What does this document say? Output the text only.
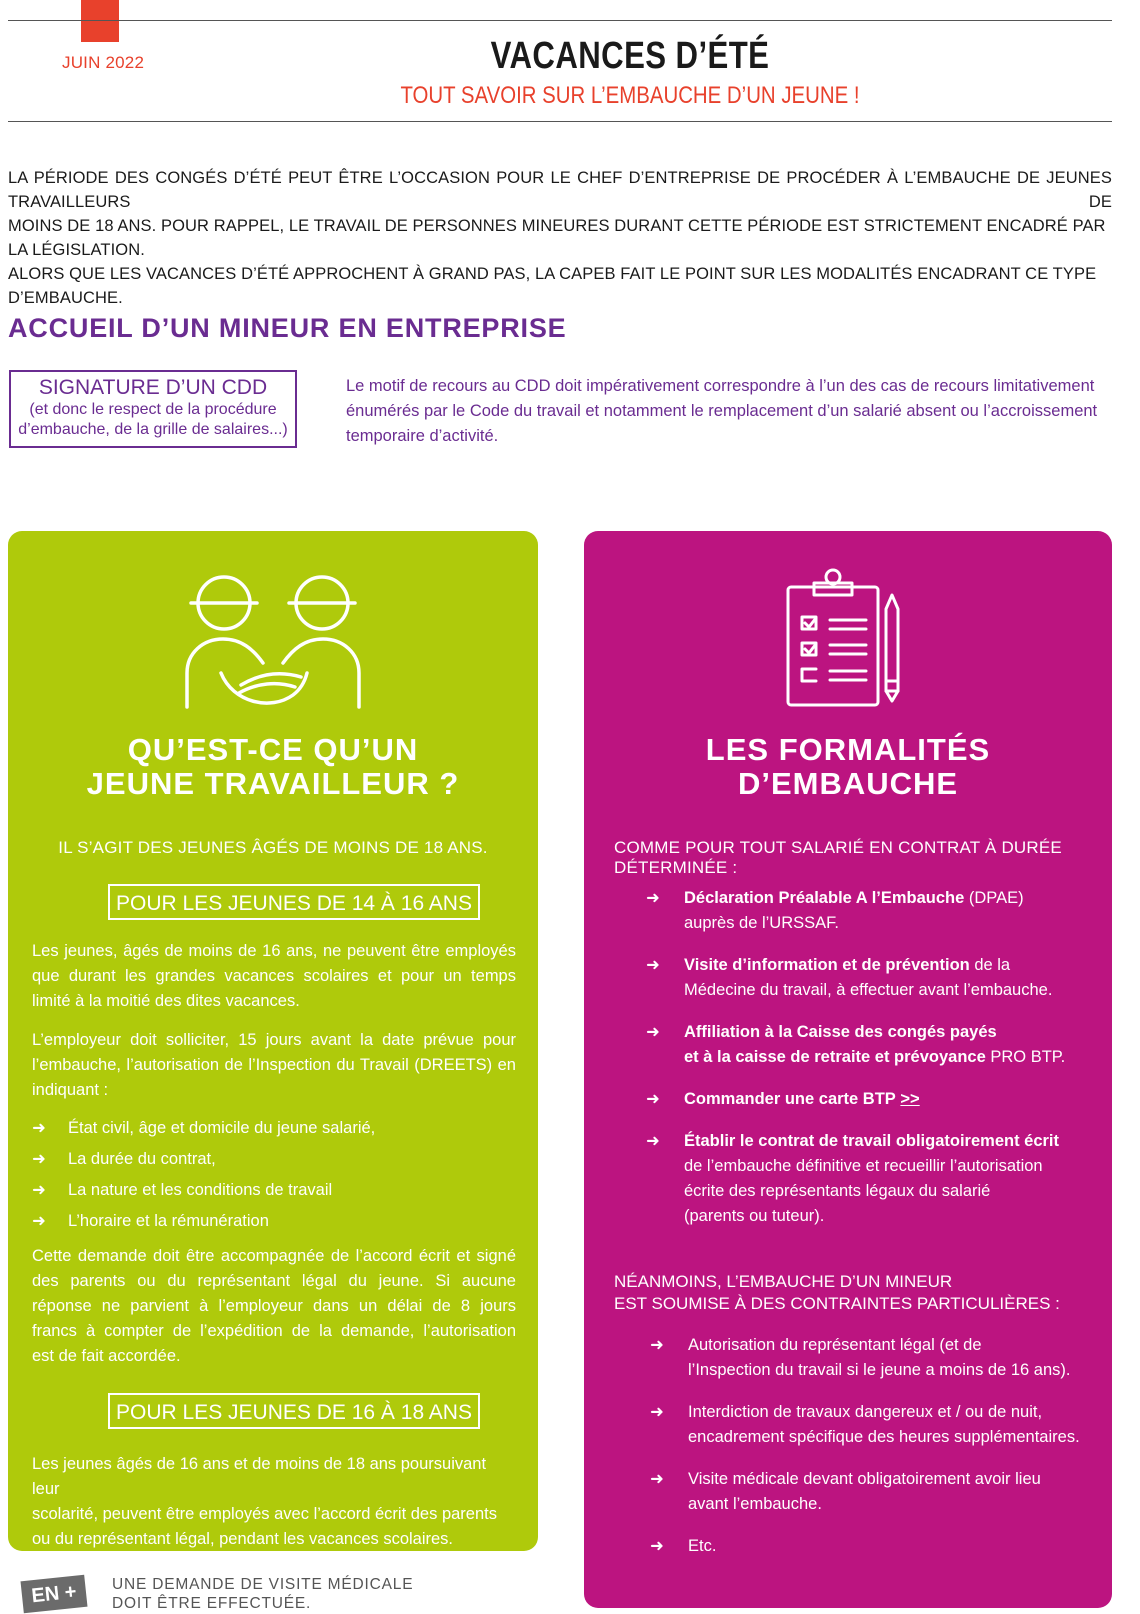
JUIN 2022	VACANCES D’ÉTÉ
TOUT SAVOIR SUR L’EMBAUCHE D’UN JEUNE !
LA PÉRIODE DES CONGÉS D’ÉTÉ PEUT ÊTRE L’OCCASION POUR LE CHEF D’ENTREPRISE DE PROCÉDER À L’EMBAUCHE DE JEUNES TRAVAILLEURS DE
MOINS DE 18 ANS. POUR RAPPEL, LE TRAVAIL DE PERSONNES MINEURES DURANT CETTE PÉRIODE EST STRICTEMENT ENCADRÉ PAR LA LÉGISLATION.
ALORS QUE LES VACANCES D’ÉTÉ APPROCHENT À GRAND PAS, LA CAPEB FAIT LE POINT SUR LES MODALITÉS ENCADRANT CE TYPE D’EMBAUCHE.
ACCUEIL D’UN MINEUR EN ENTREPRISE
SIGNATURE D’UN CDD
(et donc le respect de la procédure
d’embauche, de la grille de salaires...)
Le motif de recours au CDD doit impérativement correspondre à l’un des cas de recours limitativement
énumérés par le Code du travail et notamment le remplacement d’un salarié absent ou l’accroissement
temporaire d’activité.
QU’EST-CE QU’UN
JEUNE TRAVAILLEUR ?
IL S’AGIT DES JEUNES ÂGÉS DE MOINS DE 18 ANS.
POUR LES JEUNES DE 14 À 16 ANS
Les jeunes, âgés de moins de 16 ans, ne peuvent être employés
que durant les grandes vacances scolaires et pour un temps
limité à la moitié des dites vacances.
L’employeur doit solliciter, 15 jours avant la date prévue pour
l’embauche, l’autorisation de l’Inspection du Travail (DREETS) en
indiquant :
➜ État civil, âge et domicile du jeune salarié,
➜ La durée du contrat,
➜ La nature et les conditions de travail
➜ L’horaire et la rémunération
Cette demande doit être accompagnée de l’accord écrit et signé
des parents ou du représentant légal du jeune. Si aucune
réponse ne parvient à l’employeur dans un délai de 8 jours
francs à compter de l’expédition de la demande, l’autorisation
est de fait accordée.
POUR LES JEUNES DE 16 À 18 ANS
Les jeunes âgés de 16 ans et de moins de 18 ans poursuivant leur
scolarité, peuvent être employés avec l’accord écrit des parents
ou du représentant légal, pendant les vacances scolaires.
LES FORMALITÉS
D’EMBAUCHE
COMME POUR TOUT SALARIÉ EN CONTRAT À DURÉE DÉTERMINÉE :
➜ Déclaration Préalable A l’Embauche (DPAE)
auprès de l’URSSAF.
➜ Visite d’information et de prévention de la
Médecine du travail, à effectuer avant l’embauche.
➜ Affiliation à la Caisse des congés payés
et à la caisse de retraite et prévoyance PRO BTP.
➜ Commander une carte BTP >>
➜ Établir le contrat de travail obligatoirement écrit
de l’embauche définitive et recueillir l’autorisation
écrite des représentants légaux du salarié
(parents ou tuteur).
NÉANMOINS, L’EMBAUCHE D’UN MINEUR
EST SOUMISE À DES CONTRAINTES PARTICULIÈRES :
➜ Autorisation du représentant légal (et de
l’Inspection du travail si le jeune a moins de 16 ans).
➜ Interdiction de travaux dangereux et / ou de nuit,
encadrement spécifique des heures supplémentaires.
➜ Visite médicale devant obligatoirement avoir lieu
avant l’embauche.
➜ Etc.
EN +	UNE DEMANDE DE VISITE MÉDICALE
DOIT ÊTRE EFFECTUÉE.
